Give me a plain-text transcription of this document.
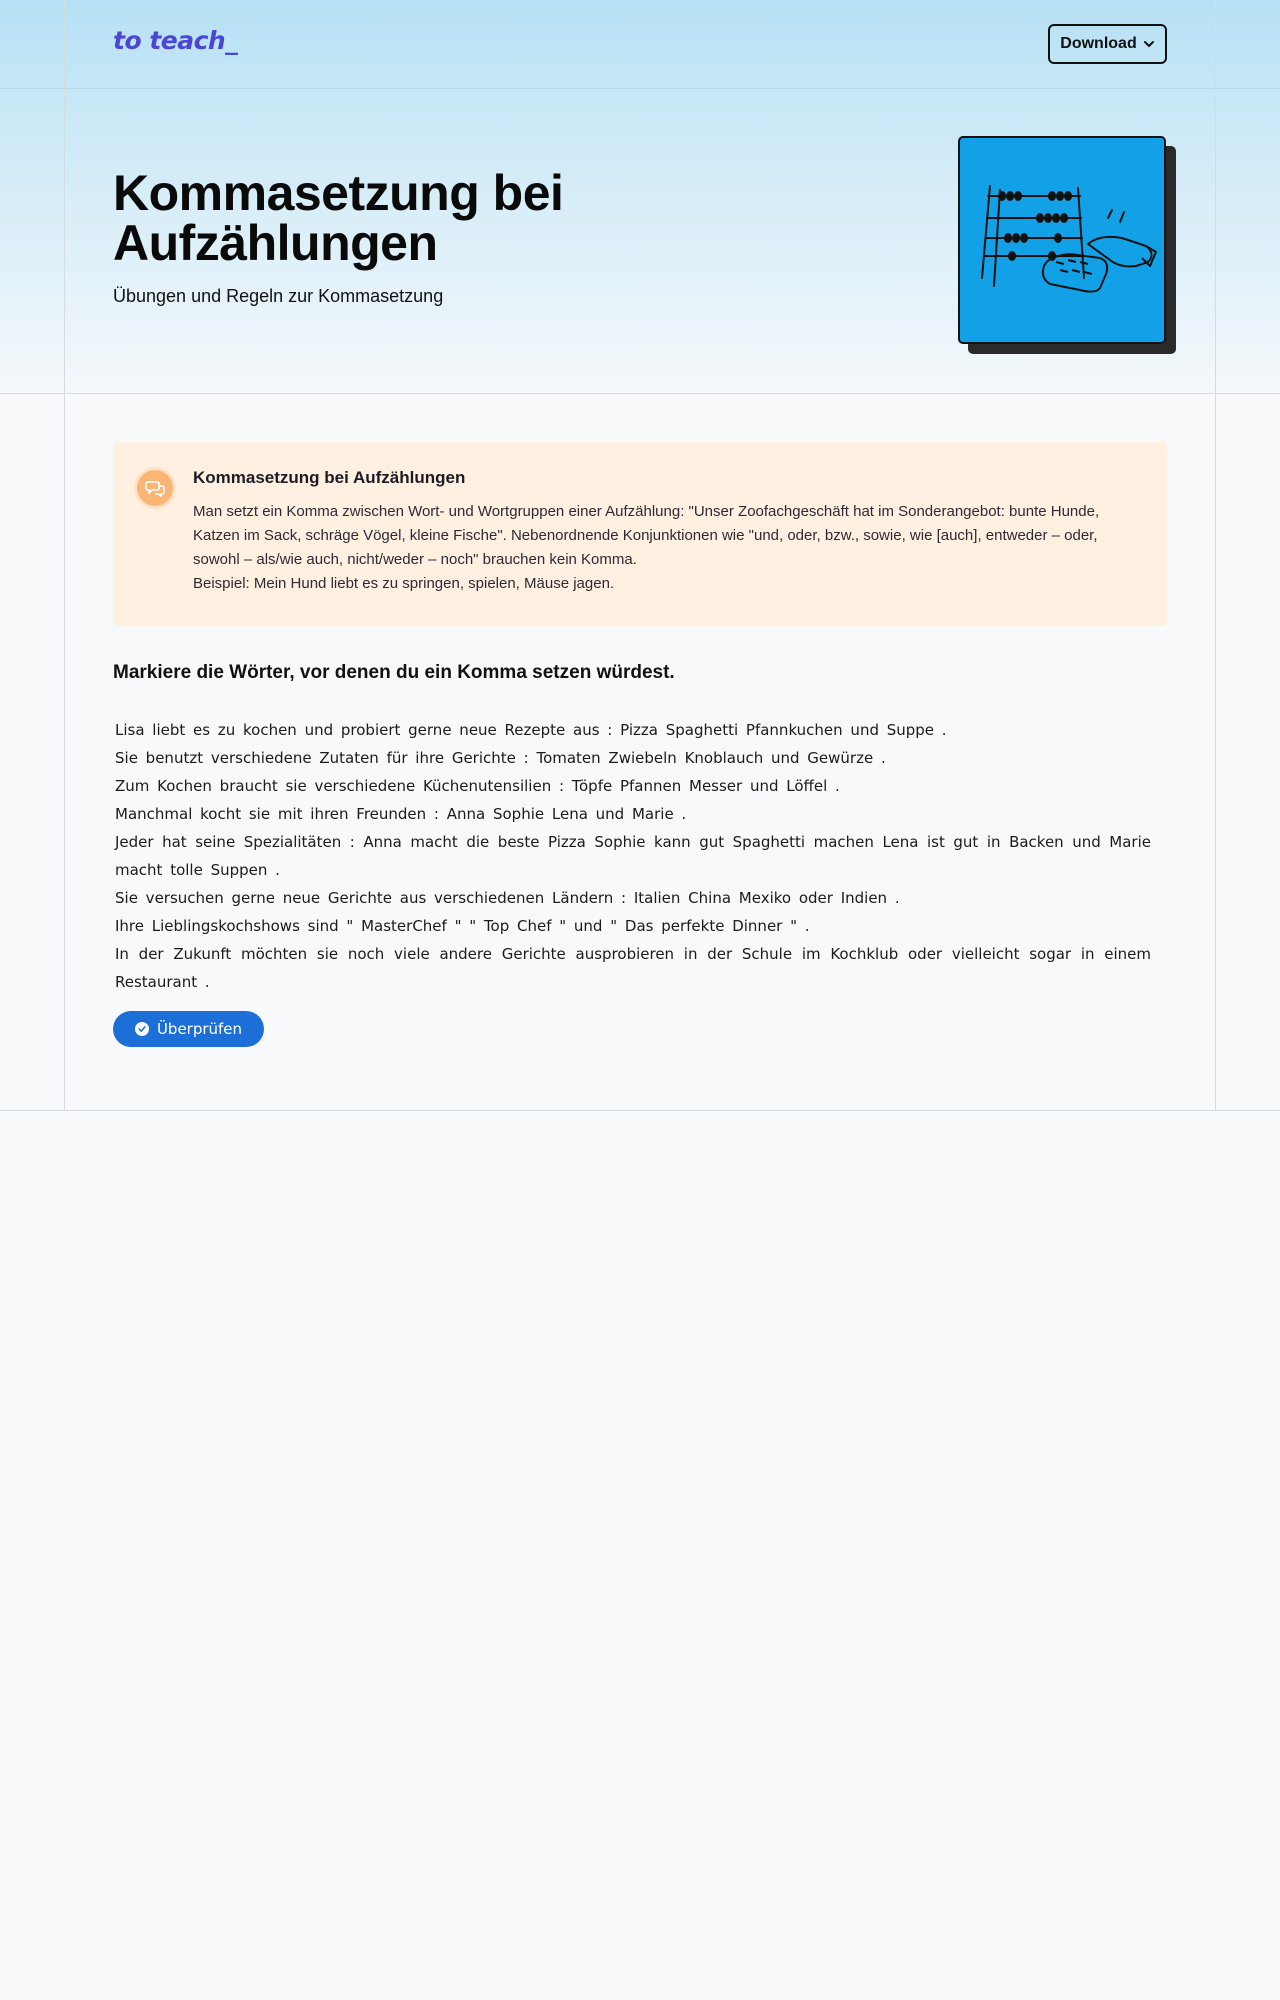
to teach_	Download
Kommasetzung bei Aufzählungen
Übungen und Regeln zur Kommasetzung
Kommasetzung bei Aufzählungen

Man setzt ein Komma zwischen Wort- und Wortgruppen einer Aufzählung: "Unser Zoofachgeschäft hat im Sonderangebot: bunte Hunde, Katzen im Sack, schräge Vögel, kleine Fische". Nebenordnende Konjunktionen wie "und, oder, bzw., sowie, wie [auch], entweder – oder, sowohl – als/wie auch, nicht/weder – noch" brauchen kein Komma.

Beispiel: Mein Hund liebt es zu springen, spielen, Mäuse jagen.

Markiere die Wörter, vor denen du ein Komma setzen würdest.
Lisa liebt es zu kochen und probiert gerne neue Rezepte aus : Pizza Spaghetti Pfannkuchen und Suppe .
Sie benutzt verschiedene Zutaten für ihre Gerichte : Tomaten Zwiebeln Knoblauch und Gewürze .
Zum Kochen braucht sie verschiedene Küchenutensilien : Töpfe Pfannen Messer und Löffel .
Manchmal kocht sie mit ihren Freunden : Anna Sophie Lena und Marie .
Jeder hat seine Spezialitäten : Anna macht die beste Pizza Sophie kann gut Spaghetti machen Lena ist gut in Backen und Marie macht tolle Suppen .
Sie versuchen gerne neue Gerichte aus verschiedenen Ländern : Italien China Mexiko oder Indien .
Ihre Lieblingskochshows sind " MasterChef " " Top Chef " und " Das perfekte Dinner " .
In der Zukunft möchten sie noch viele andere Gerichte ausprobieren in der Schule im Kochklub oder vielleicht sogar in einem Restaurant .
Überprüfen
